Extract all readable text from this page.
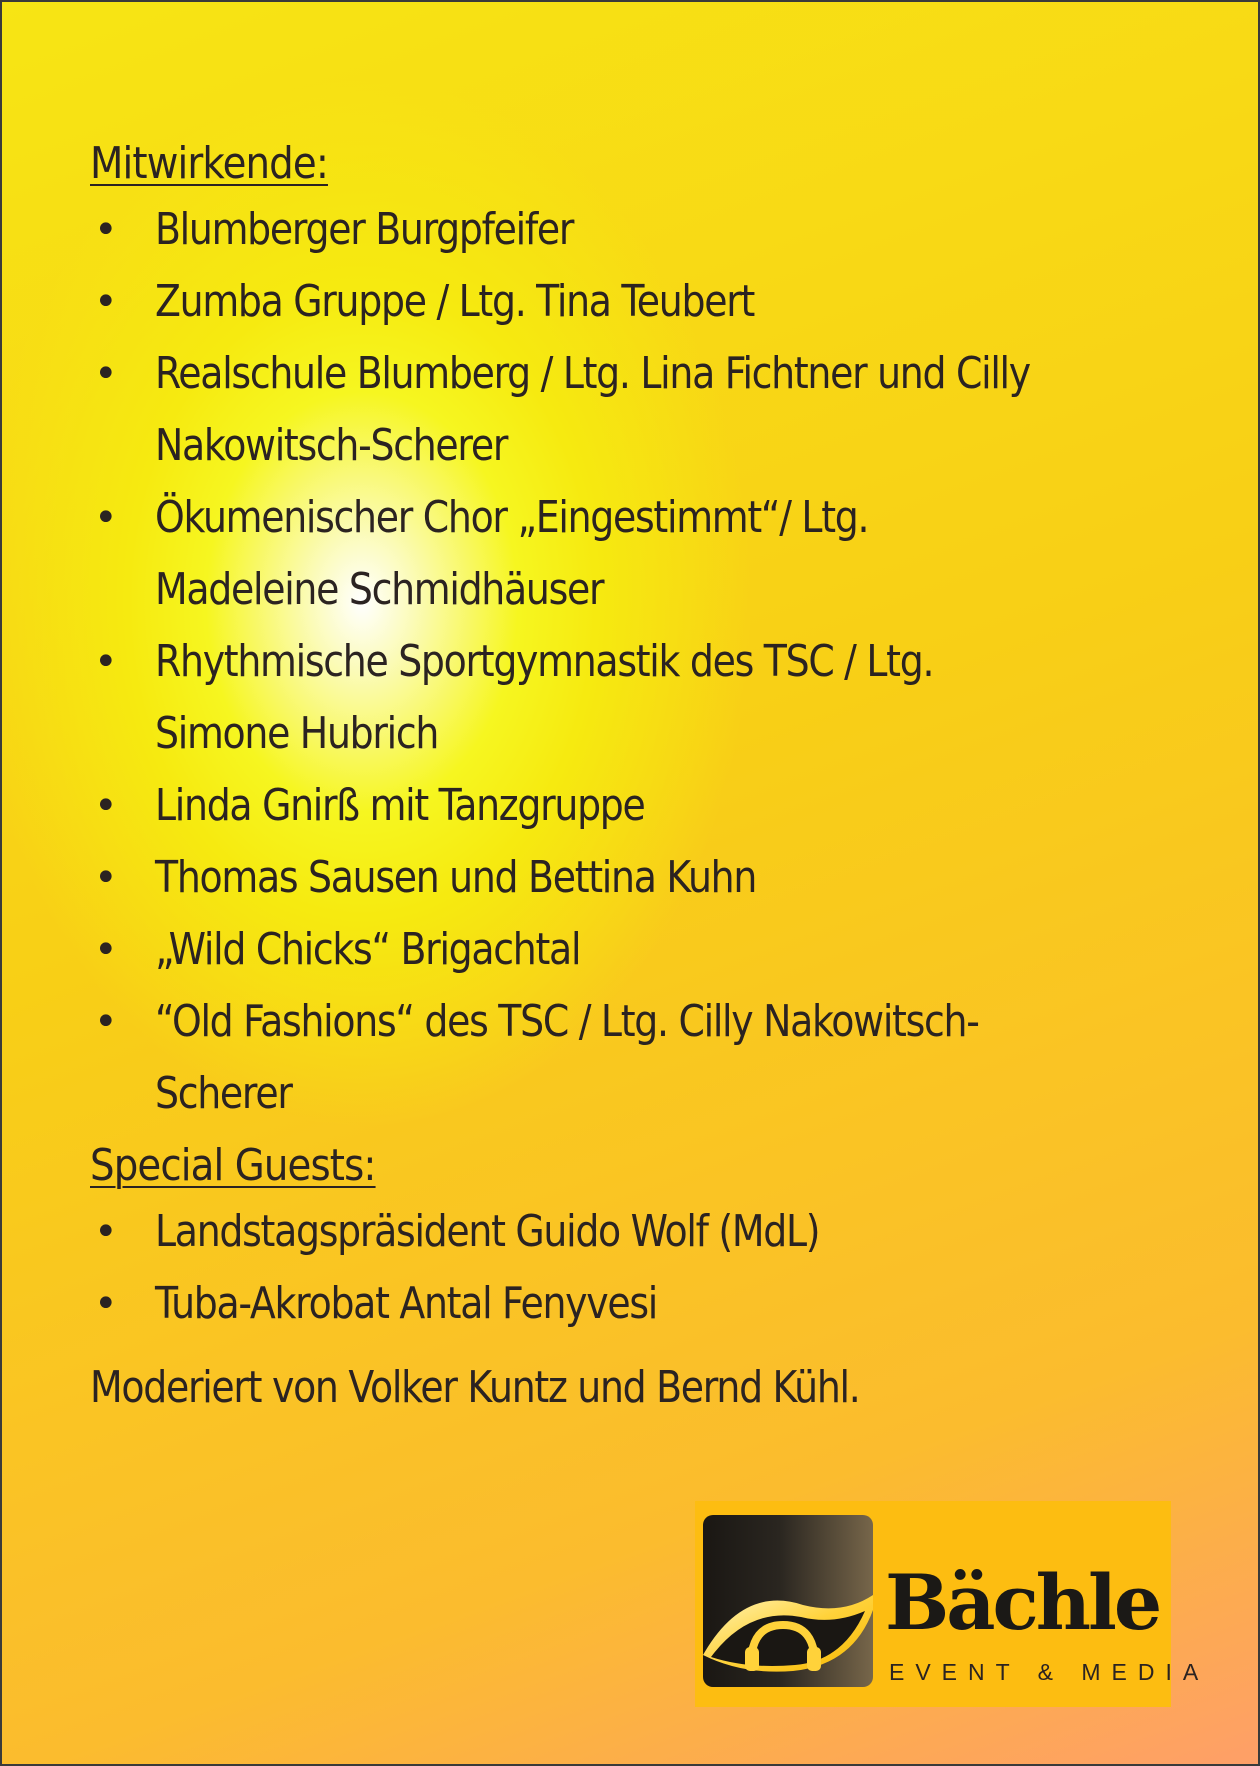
Mitwirkende:
• Blumberger Burgpfeifer
• Zumba Gruppe / Ltg. Tina Teubert
• Realschule Blumberg / Ltg. Lina Fichtner und Cilly
Nakowitsch-Scherer
• Ökumenischer Chor „Eingestimmt“/ Ltg.
Madeleine Schmidhäuser
• Rhythmische Sportgymnastik des TSC / Ltg.
Simone Hubrich
• Linda Gnirß mit Tanzgruppe
• Thomas Sausen und Bettina Kuhn
• „Wild Chicks“ Brigachtal
• “Old Fashions“ des TSC / Ltg. Cilly Nakowitsch-
Scherer
Special Guests:
• Landstagspräsident Guido Wolf (MdL)
• Tuba-Akrobat Antal Fenyvesi
Moderiert von Volker Kuntz und Bernd Kühl.
Bächle
EVENT & MEDIA
